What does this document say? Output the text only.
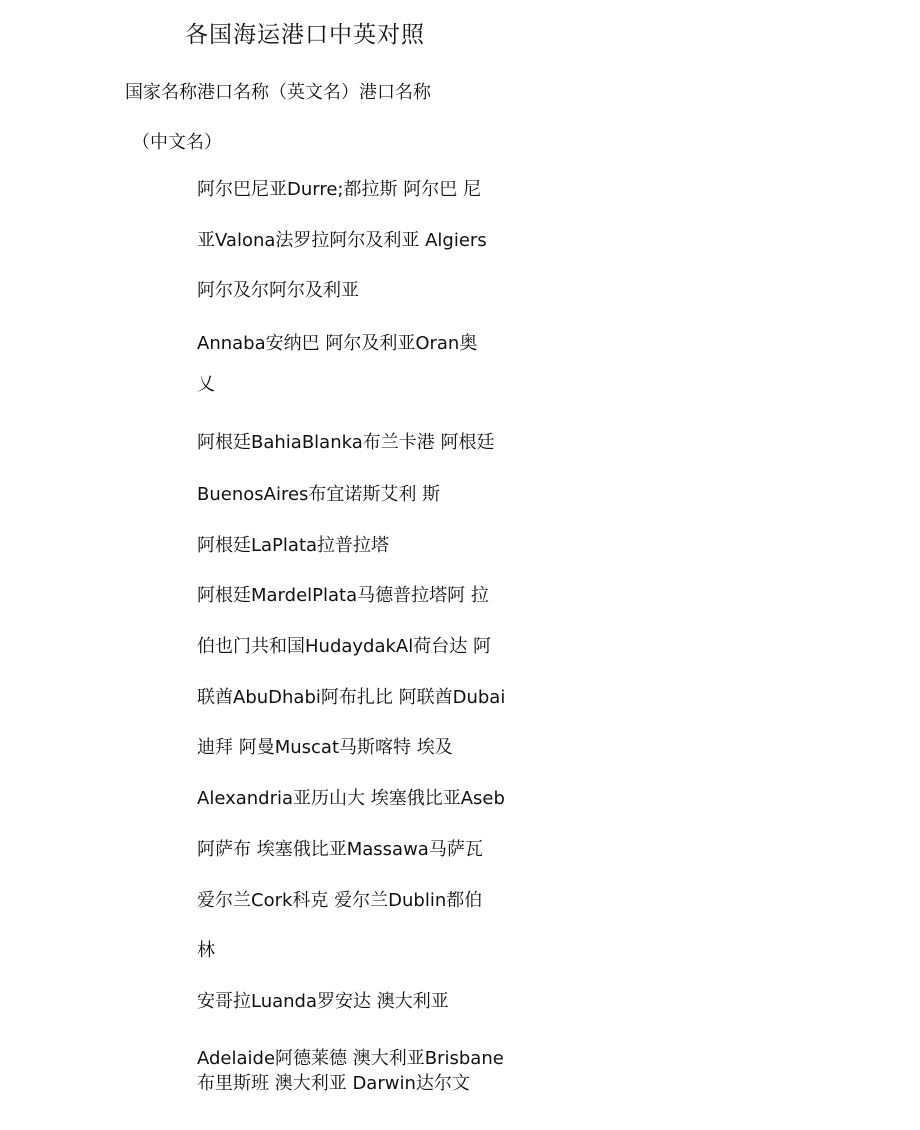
各国海运港口中英对照
国家名称港口名称（英文名）港口名称
（中文名）
阿尔巴尼亚Durre;都拉斯 阿尔巴 尼
亚Valona法罗拉阿尔及利亚 Algiers
阿尔及尔阿尔及利亚
Annaba安纳巴 阿尔及利亚Oran奥
乂
阿根廷BahiaBlanka布兰卡港 阿根廷
BuenosAires布宜诺斯艾利 斯
阿根廷LaPlata拉普拉塔
阿根廷MardelPlata马德普拉塔阿 拉
伯也门共和国HudaydakAl荷台达 阿
联酋AbuDhabi阿布扎比 阿联酋Dubai
迪拜 阿曼Muscat马斯喀特 埃及
Alexandria亚历山大 埃塞俄比亚Aseb
阿萨布 埃塞俄比亚Massawa马萨瓦
爱尔兰Cork科克 爱尔兰Dublin都伯
林
安哥拉Luanda罗安达 澳大利亚
Adelaide阿德莱德 澳大利亚Brisbane
布里斯班 澳大利亚 Darwin达尔文
